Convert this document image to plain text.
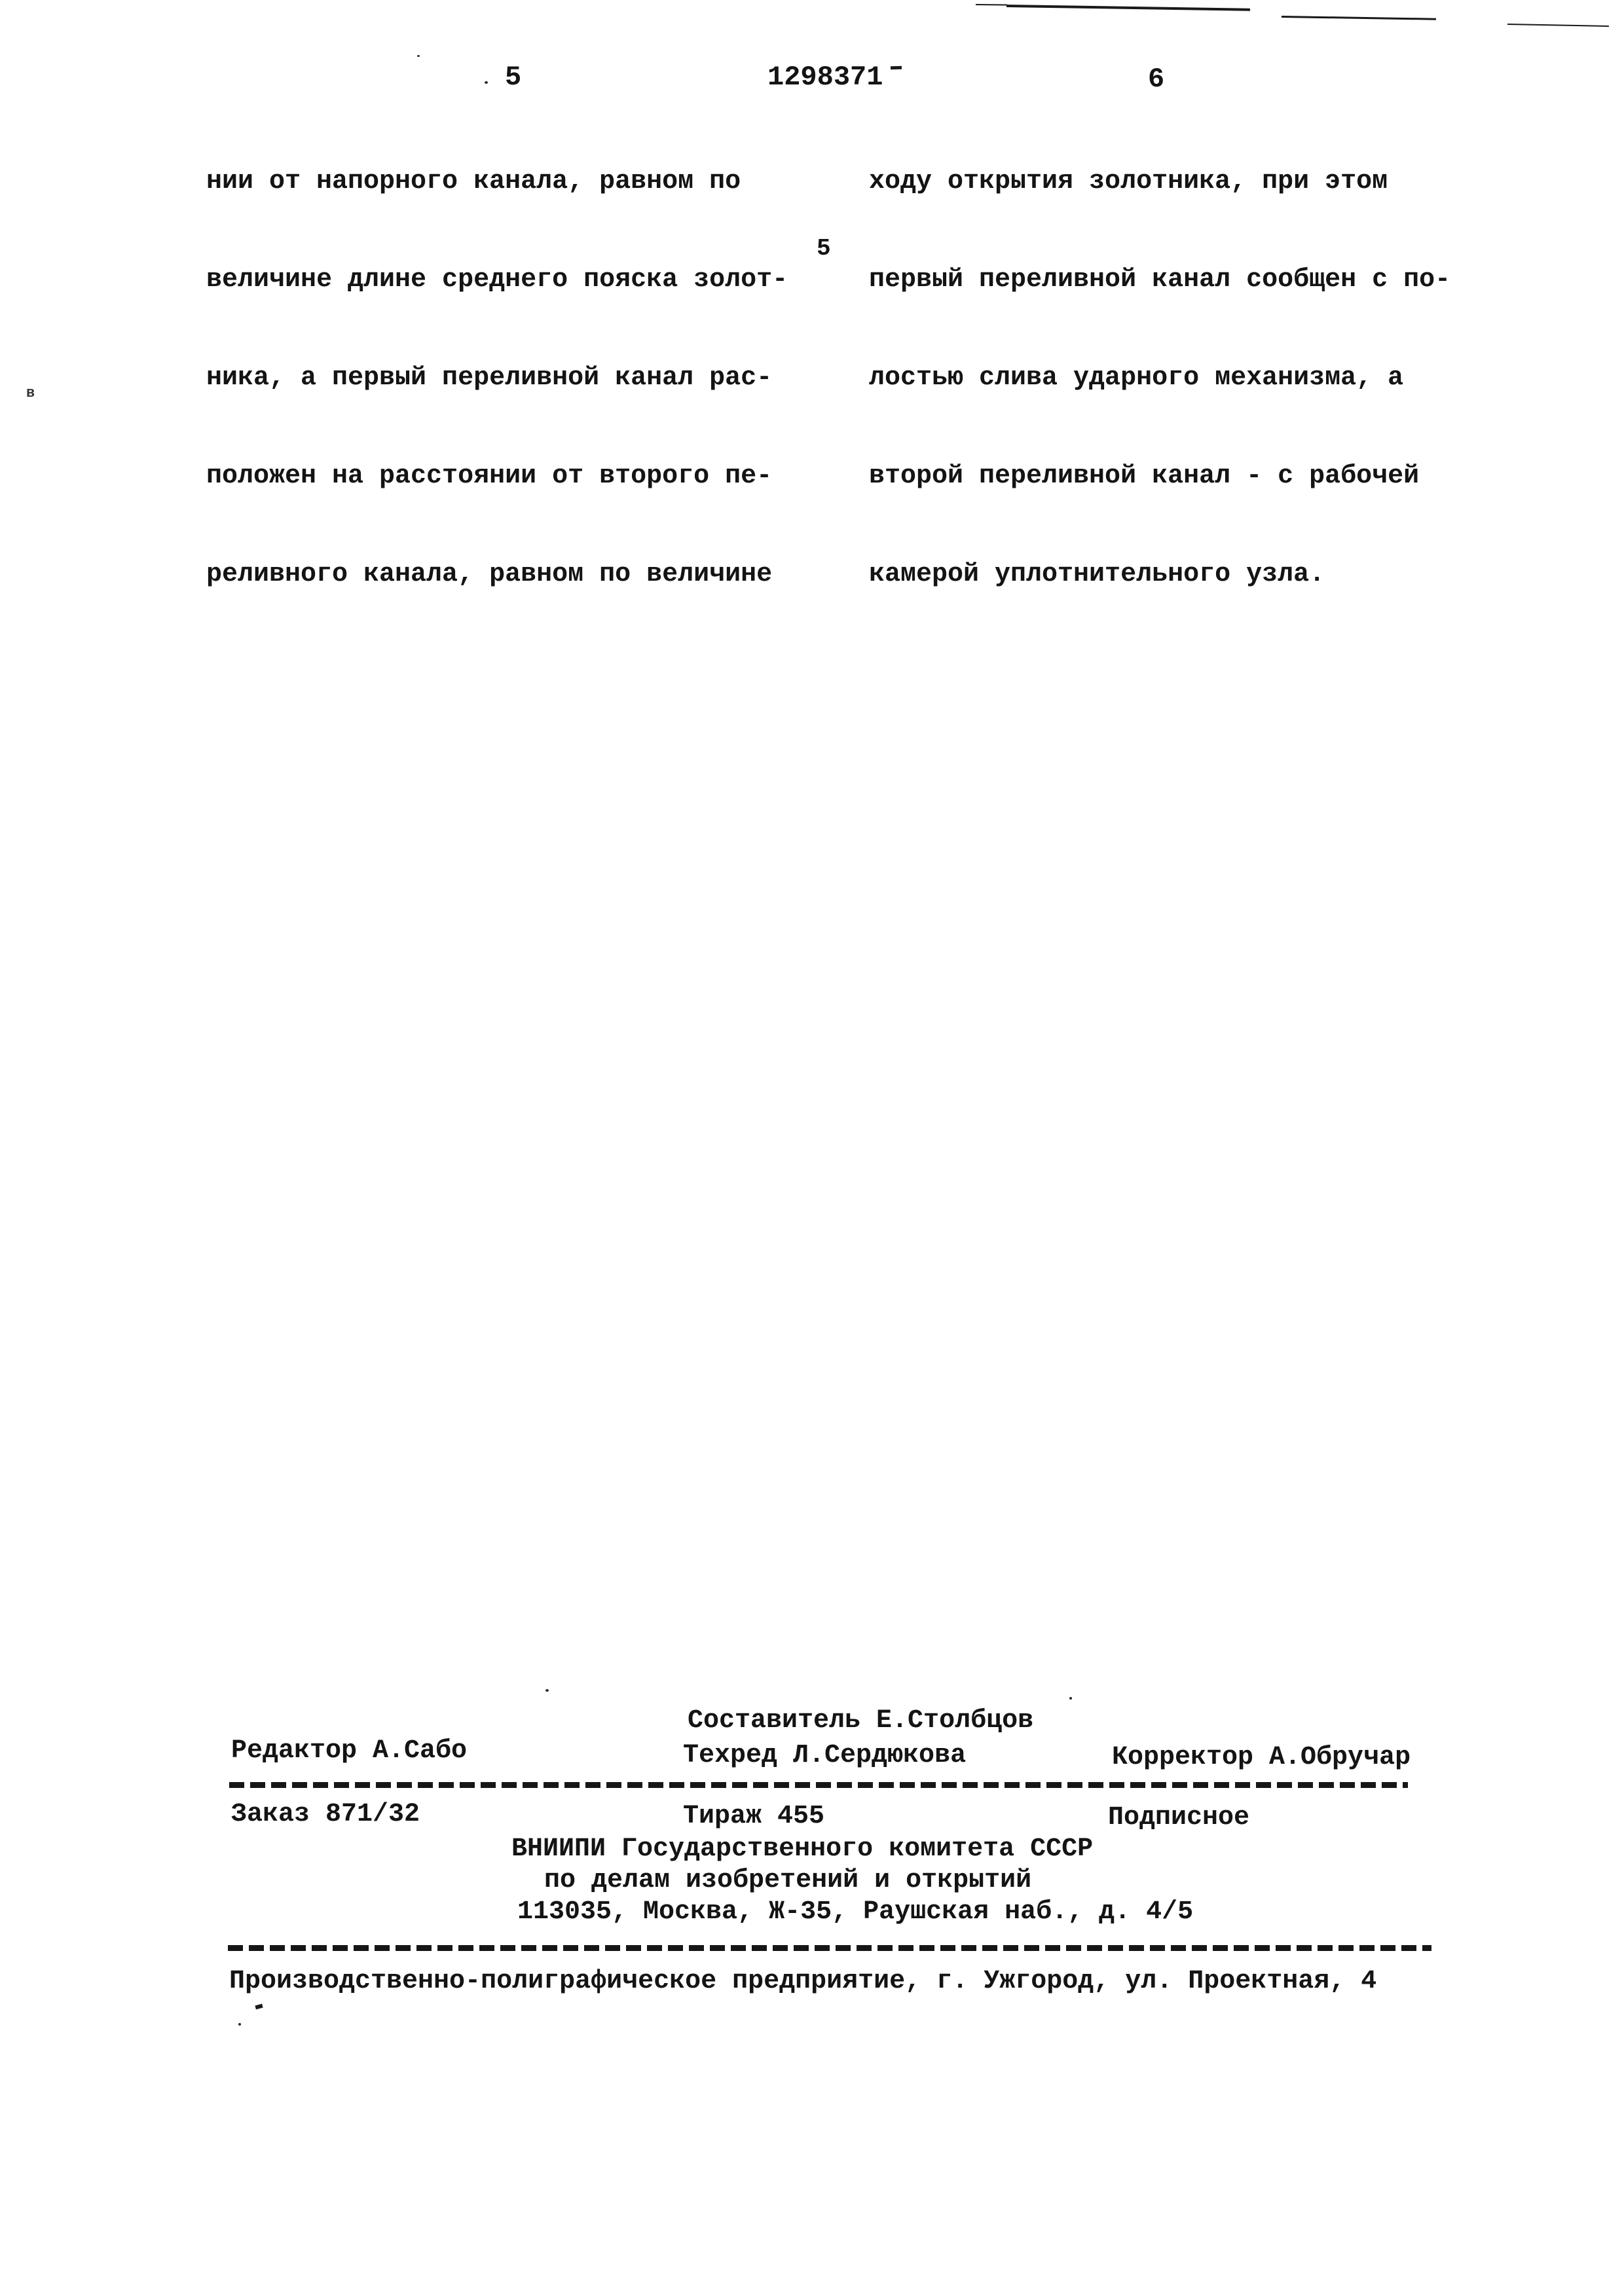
5	1298371	6

нии от напорного канала, равном по

величине длине среднего пояска золот-

ника, а первый переливной канал рас-

положен на расстоянии от второго пе-

реливного канала, равном по величине

5

ходу открытия золотника, при этом

первый переливной канал сообщен с по-

лостью слива ударного механизма, а

второй переливной канал - с рабочей

камерой уплотнительного узла.

в
Составитель Е.Столбцов
Редактор А.Сабо	Техред Л.Сердюкова	Корректор А.Обручар
Заказ 871/32	Тираж 455	Подписное
ВНИИПИ Государственного комитета СССР
по делам изобретений и открытий
113035, Москва, Ж-35, Раушская наб., д. 4/5
Производственно-полиграфическое предприятие, г. Ужгород, ул. Проектная, 4
